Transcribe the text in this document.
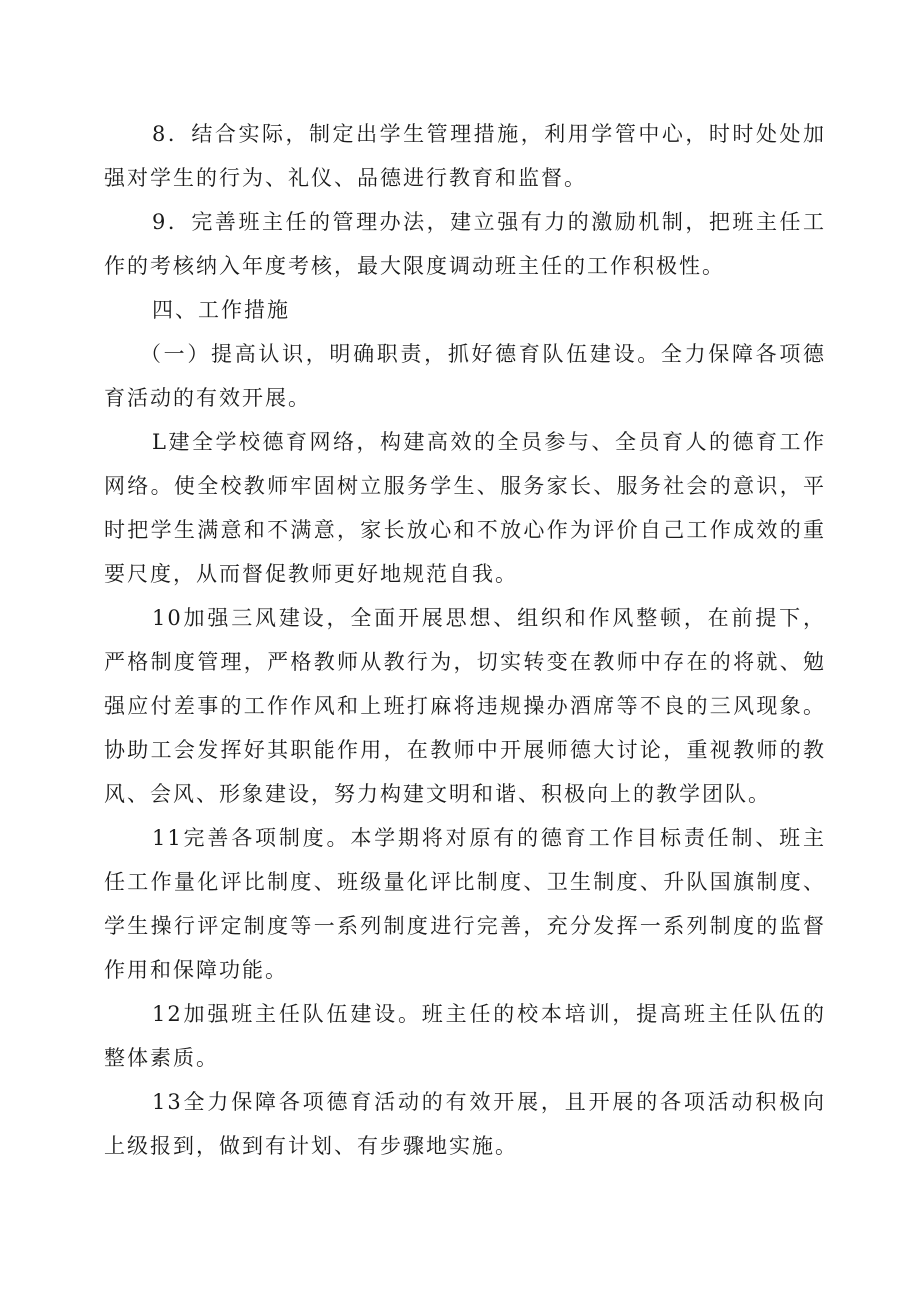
8．结合实际，制定出学生管理措施，利用学管中心，时时处处加强对学生的行为、礼仪、品德进行教育和监督。

9．完善班主任的管理办法，建立强有力的激励机制，把班主任工作的考核纳入年度考核，最大限度调动班主任的工作积极性。

四、工作措施

（一）提高认识，明确职责，抓好德育队伍建设。全力保障各项德育活动的有效开展。

L建全学校德育网络，构建高效的全员参与、全员育人的德育工作网络。使全校教师牢固树立服务学生、服务家长、服务社会的意识，平时把学生满意和不满意，家长放心和不放心作为评价自己工作成效的重要尺度，从而督促教师更好地规范自我。

10加强三风建设，全面开展思想、组织和作风整顿，在前提下，严格制度管理，严格教师从教行为，切实转变在教师中存在的将就、勉强应付差事的工作作风和上班打麻将违规操办酒席等不良的三风现象。协助工会发挥好其职能作用，在教师中开展师德大讨论，重视教师的教风、会风、形象建设，努力构建文明和谐、积极向上的教学团队。

11完善各项制度。本学期将对原有的德育工作目标责任制、班主任工作量化评比制度、班级量化评比制度、卫生制度、升队国旗制度、学生操行评定制度等一系列制度进行完善，充分发挥一系列制度的监督作用和保障功能。

12加强班主任队伍建设。班主任的校本培训，提高班主任队伍的整体素质。

13全力保障各项德育活动的有效开展，且开展的各项活动积极向上级报到，做到有计划、有步骤地实施。
